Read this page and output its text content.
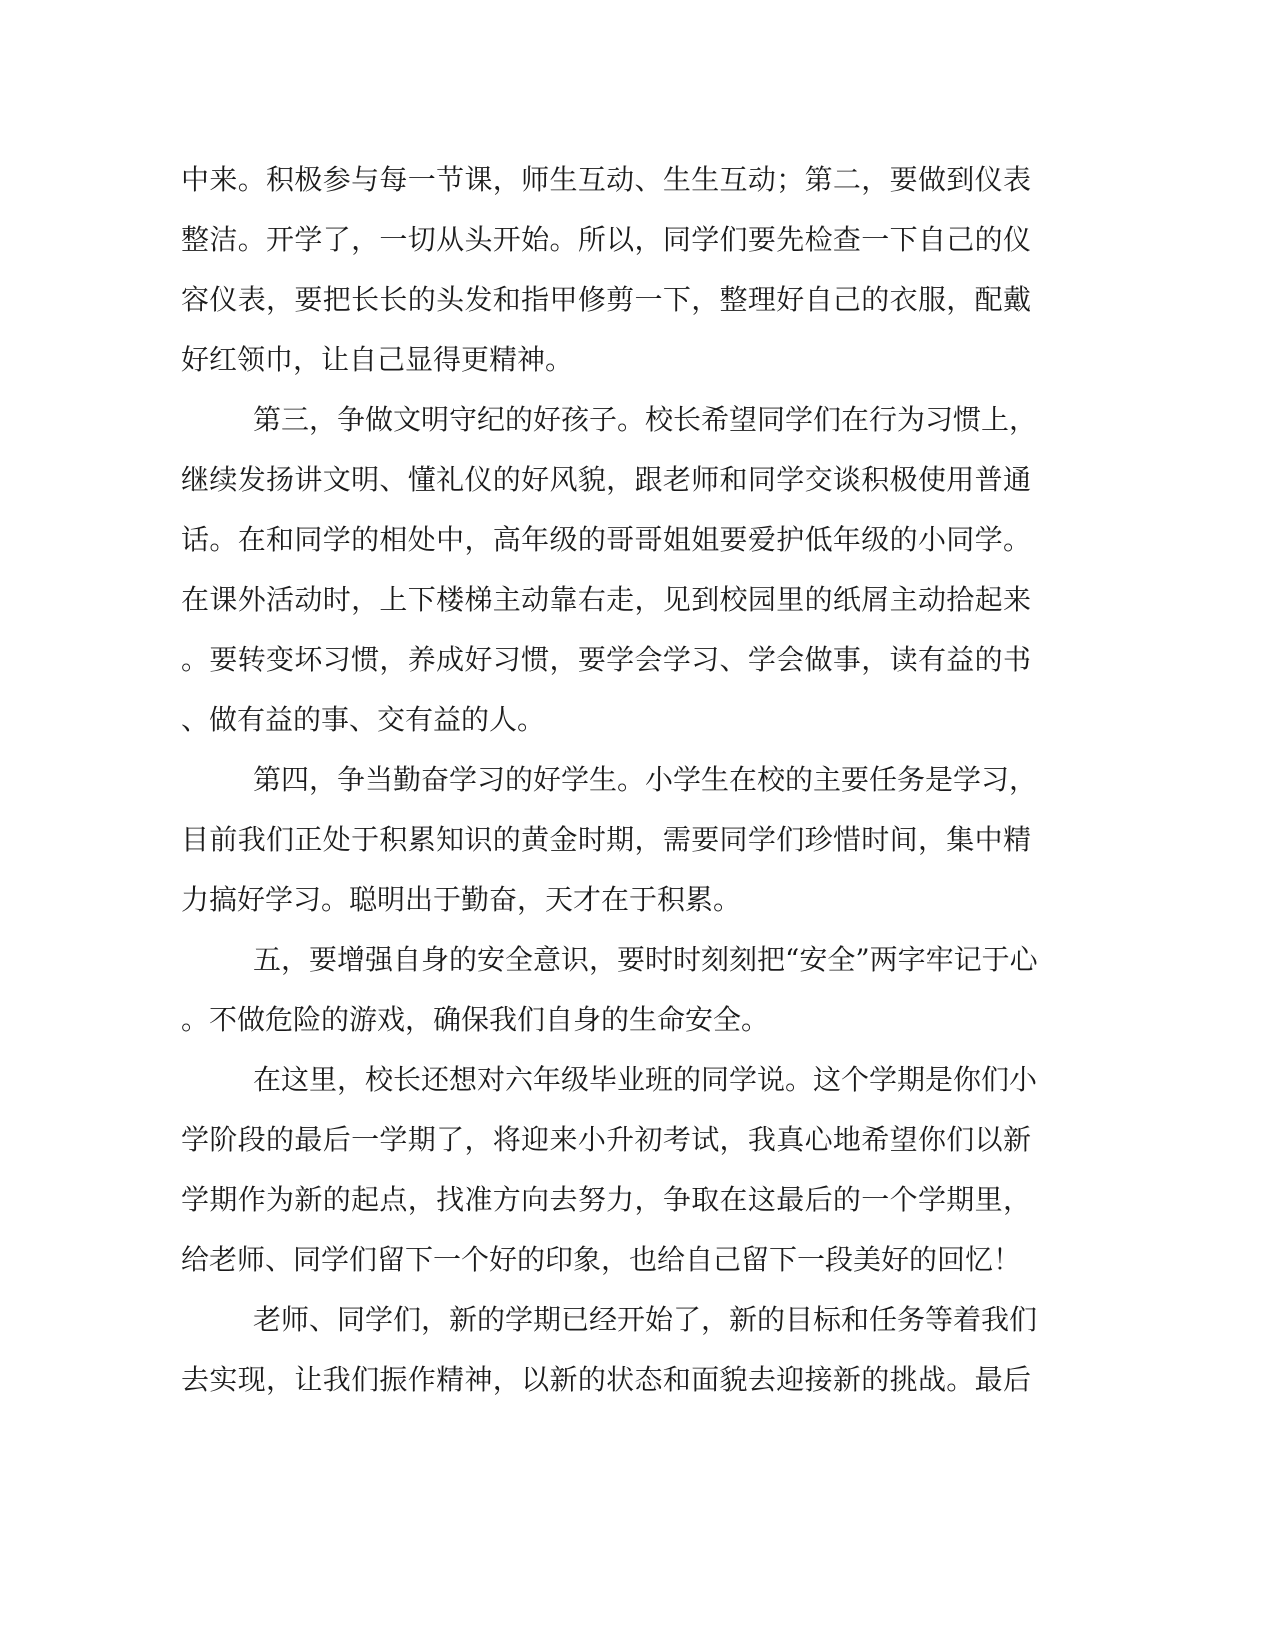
中来。积极参与每一节课，师生互动、生生互动；第二，要做到仪表
整洁。开学了，一切从头开始。所以，同学们要先检查一下自己的仪
容仪表，要把长长的头发和指甲修剪一下，整理好自己的衣服，配戴
好红领巾，让自己显得更精神。
第三，争做文明守纪的好孩子。校长希望同学们在行为习惯上，
继续发扬讲文明、懂礼仪的好风貌，跟老师和同学交谈积极使用普通
话。在和同学的相处中，高年级的哥哥姐姐要爱护低年级的小同学。
在课外活动时，上下楼梯主动靠右走，见到校园里的纸屑主动拾起来
。要转变坏习惯，养成好习惯，要学会学习、学会做事，读有益的书
、做有益的事、交有益的人。
第四，争当勤奋学习的好学生。小学生在校的主要任务是学习，
目前我们正处于积累知识的黄金时期，需要同学们珍惜时间，集中精
力搞好学习。聪明出于勤奋，天才在于积累。
五，要增强自身的安全意识，要时时刻刻把“安全”两字牢记于心
。不做危险的游戏，确保我们自身的生命安全。
在这里，校长还想对六年级毕业班的同学说。这个学期是你们小
学阶段的最后一学期了，将迎来小升初考试，我真心地希望你们以新
学期作为新的起点，找准方向去努力，争取在这最后的一个学期里，
给老师、同学们留下一个好的印象，也给自己留下一段美好的回忆！
老师、同学们，新的学期已经开始了，新的目标和任务等着我们
去实现，让我们振作精神，以新的状态和面貌去迎接新的挑战。最后
